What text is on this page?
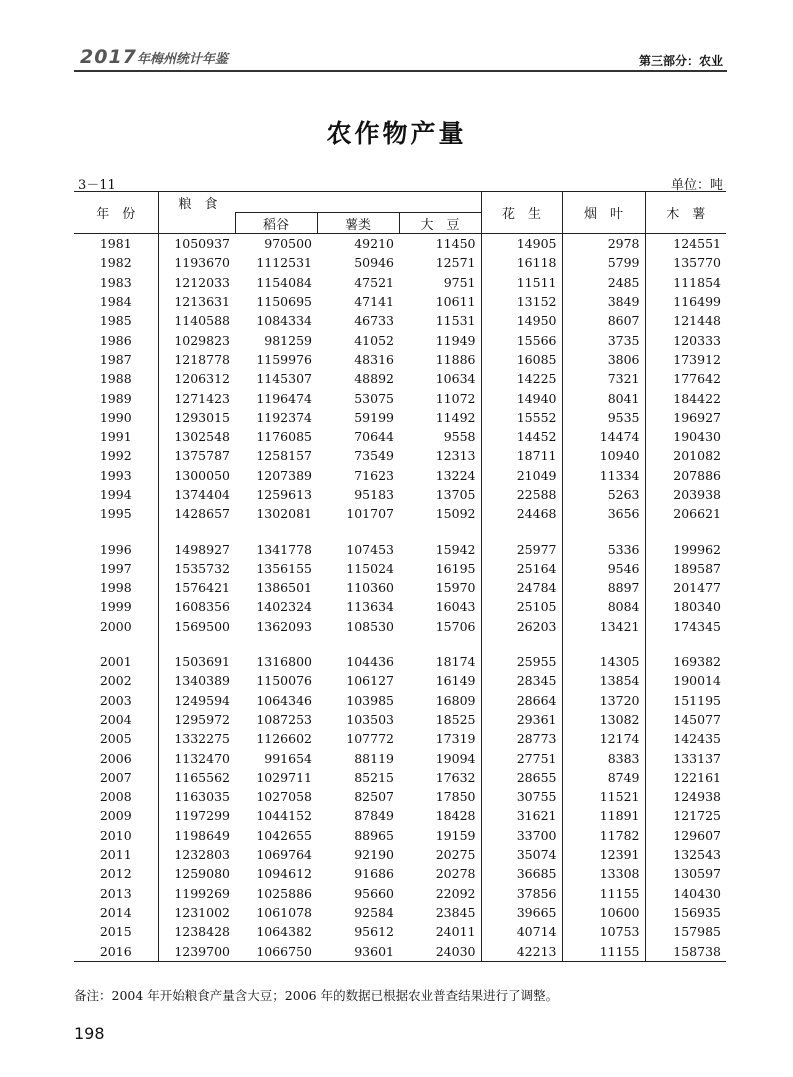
2017年梅州统计年鉴	第三部分：农业
农作物产量
3－11	单位：吨
年　份	粮　食				花　生	烟　叶	木　薯
		稻谷	薯类	大　豆			
1981	1050937	970500	49210	11450	14905	2978	124551
1982	1193670	1112531	50946	12571	16118	5799	135770
1983	1212033	1154084	47521	9751	11511	2485	111854
1984	1213631	1150695	47141	10611	13152	3849	116499
1985	1140588	1084334	46733	11531	14950	8607	121448
1986	1029823	981259	41052	11949	15566	3735	120333
1987	1218778	1159976	48316	11886	16085	3806	173912
1988	1206312	1145307	48892	10634	14225	7321	177642
1989	1271423	1196474	53075	11072	14940	8041	184422
1990	1293015	1192374	59199	11492	15552	9535	196927
1991	1302548	1176085	70644	9558	14452	14474	190430
1992	1375787	1258157	73549	12313	18711	10940	201082
1993	1300050	1207389	71623	13224	21049	11334	207886
1994	1374404	1259613	95183	13705	22588	5263	203938
1995	1428657	1302081	101707	15092	24468	3656	206621

1996	1498927	1341778	107453	15942	25977	5336	199962
1997	1535732	1356155	115024	16195	25164	9546	189587
1998	1576421	1386501	110360	15970	24784	8897	201477
1999	1608356	1402324	113634	16043	25105	8084	180340
2000	1569500	1362093	108530	15706	26203	13421	174345

2001	1503691	1316800	104436	18174	25955	14305	169382
2002	1340389	1150076	106127	16149	28345	13854	190014
2003	1249594	1064346	103985	16809	28664	13720	151195
2004	1295972	1087253	103503	18525	29361	13082	145077
2005	1332275	1126602	107772	17319	28773	12174	142435
2006	1132470	991654	88119	19094	27751	8383	133137
2007	1165562	1029711	85215	17632	28655	8749	122161
2008	1163035	1027058	82507	17850	30755	11521	124938
2009	1197299	1044152	87849	18428	31621	11891	121725
2010	1198649	1042655	88965	19159	33700	11782	129607
2011	1232803	1069764	92190	20275	35074	12391	132543
2012	1259080	1094612	91686	20278	36685	13308	130597
2013	1199269	1025886	95660	22092	37856	11155	140430
2014	1231002	1061078	92584	23845	39665	10600	156935
2015	1238428	1064382	95612	24011	40714	10753	157985
2016	1239700	1066750	93601	24030	42213	11155	158738
备注：2004 年开始粮食产量含大豆；2006 年的数据已根据农业普查结果进行了调整。
198
